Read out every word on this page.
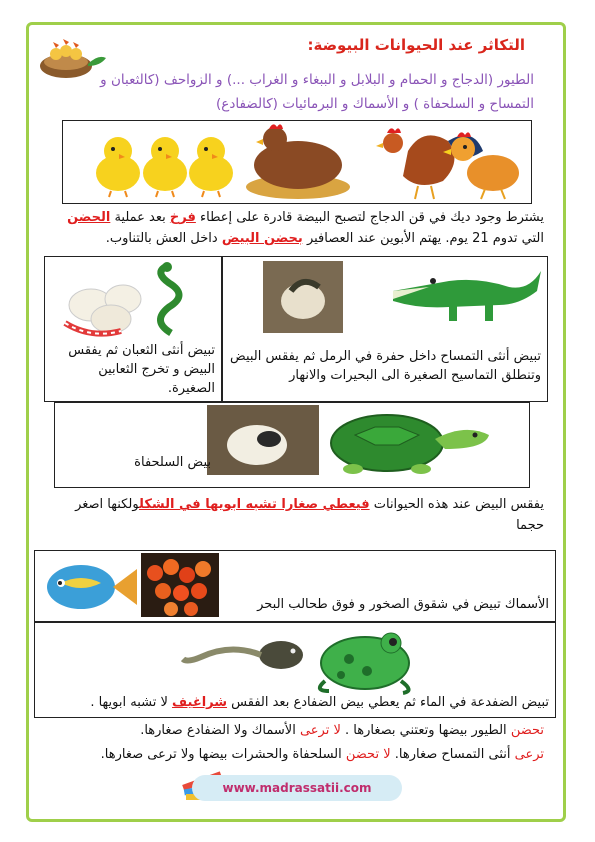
التكاثر عند الحيوانات البيوضة:
الطيور (الدجاج و الحمام و البلابل و الببغاء و الغراب ...) و الزواحف (كالثعبان و التمساح و السلحفاة ) و الأسماك و البرمائيات (كالضفادع)
يشترط وجود ديك في قن الدجاج لتصبح البيضة قادرة على إعطاء فرخ بعد عملية الحضن
التي تدوم 21 يوم. يهتم الأبوين عند العصافير بحضن البيض داخل العش بالتناوب.
تبيض أنثى الثعبان ثم يفقس البيض و تخرج الثعابين الصغيرة.
تبيض أنثى التمساح داخل حفرة في الرمل ثم يفقس البيض وتنطلق التماسيح الصغيرة الى البحيرات والانهار
بيض السلحفاة
يفقس البيض عند هذه الحيوانات فيعطي صغارا تشبه ابويها في الشكلولكنها اصغر حجما
الأسماك تبيض في شقوق الصخور و فوق طحالب البحر
تبيض الضفدعة في الماء ثم يعطي بيض الضفادع بعد الفقس شراغيف لا تشبه ابويها .
تحضن الطيور بيضها وتعتني بصغارها . لا ترعى الأسماك ولا الضفادع صغارها.
ترعى أنثى التمساح صغارها. لا تحضن السلحفاة والحشرات بيضها ولا ترعى صغارها.
www.madrassatii.com
